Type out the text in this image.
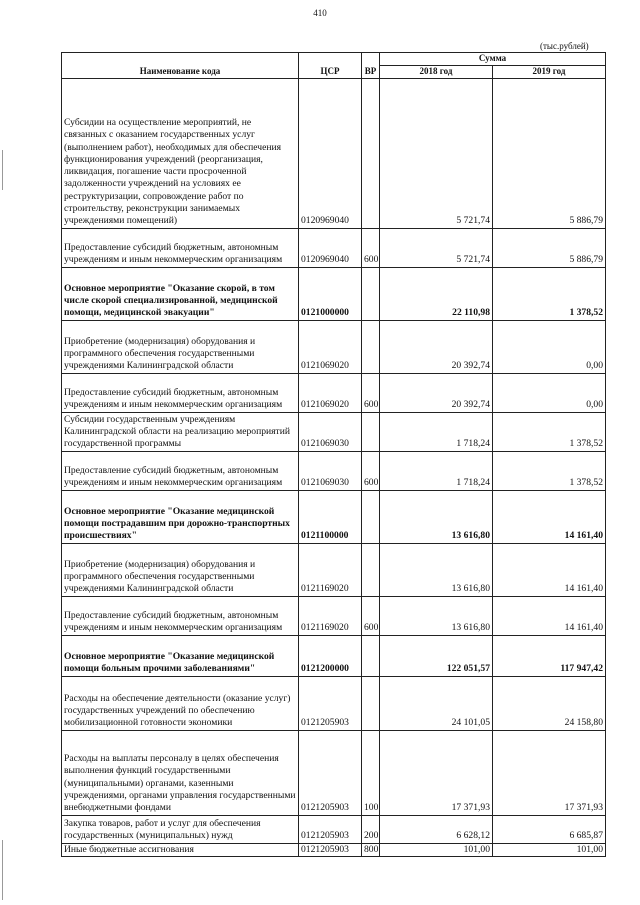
410
(тыс.рублей)
Наименование кода	ЦСР	ВР	Сумма	
			2018 год	2019 год
Субсидии на осуществление мероприятий, не связанных с оказанием государственных услуг (выполнением работ), необходимых для обеспечения функционирования учреждений (реорганизация, ликвидация, погашение части просроченной задолженности учреждений на условиях ее реструктуризации, сопровождение работ по строительству, реконструкции занимаемых учреждениями помещений)	0120969040		5 721,74	5 886,79
Предоставление субсидий бюджетным, автономным учреждениям и иным некоммерческим организациям	0120969040	600	5 721,74	5 886,79
Основное мероприятие "Оказание скорой, в том числе скорой специализированной, медицинской помощи, медицинской эвакуации"	0121000000		22 110,98	1 378,52
Приобретение (модернизация) оборудования и программного обеспечения государственными учреждениями Калининградской области	0121069020		20 392,74	0,00
Предоставление субсидий бюджетным, автономным учреждениям и иным некоммерческим организациям	0121069020	600	20 392,74	0,00
Субсидии государственным учреждениям Калининградской области на реализацию мероприятий государственной программы	0121069030		1 718,24	1 378,52
Предоставление субсидий бюджетным, автономным учреждениям и иным некоммерческим организациям	0121069030	600	1 718,24	1 378,52
Основное мероприятие "Оказание медицинской помощи пострадавшим при дорожно-транспортных происшествиях"	0121100000		13 616,80	14 161,40
Приобретение (модернизация) оборудования и программного обеспечения государственными учреждениями Калининградской области	0121169020		13 616,80	14 161,40
Предоставление субсидий бюджетным, автономным учреждениям и иным некоммерческим организациям	0121169020	600	13 616,80	14 161,40
Основное мероприятие "Оказание медицинской помощи больным прочими заболеваниями"	0121200000		122 051,57	117 947,42
Расходы на обеспечение деятельности (оказание услуг) государственных учреждений по обеспечению мобилизационной готовности экономики	0121205903		24 101,05	24 158,80
Расходы на выплаты персоналу в целях обеспечения выполнения функций государственными (муниципальными) органами, казенными учреждениями, органами управления государственными внебюджетными фондами	0121205903	100	17 371,93	17 371,93
Закупка товаров, работ и услуг для обеспечения государственных (муниципальных) нужд	0121205903	200	6 628,12	6 685,87
Иные бюджетные ассигнования	0121205903	800	101,00	101,00
